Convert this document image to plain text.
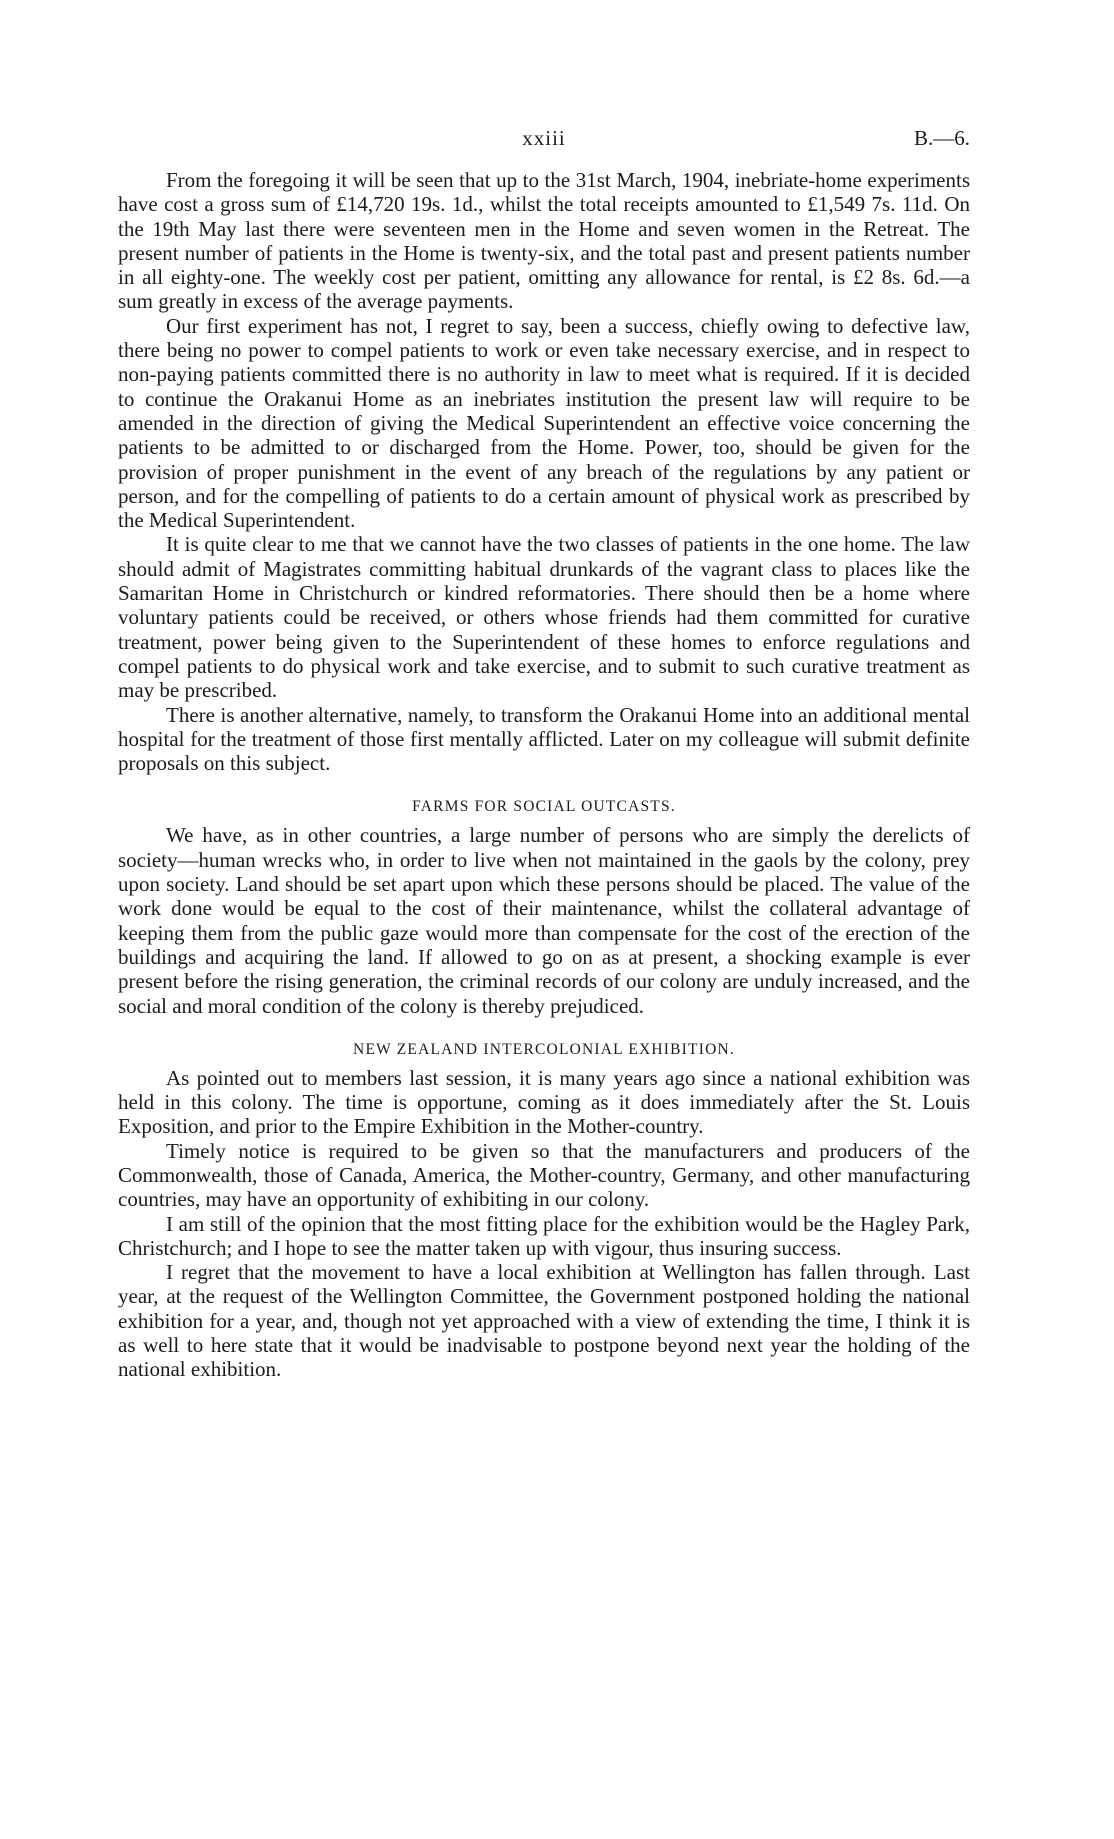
xxiii	B.—6.

From the foregoing it will be seen that up to the 31st March, 1904, inebriate-home experiments have cost a gross sum of £14,720 19s. 1d., whilst the total receipts amounted to £1,549 7s. 11d. On the 19th May last there were seventeen men in the Home and seven women in the Retreat. The present number of patients in the Home is twenty-six, and the total past and present patients number in all eighty-one. The weekly cost per patient, omitting any allowance for rental, is £2 8s. 6d.—a sum greatly in excess of the average payments.

Our first experiment has not, I regret to say, been a success, chiefly owing to defective law, there being no power to compel patients to work or even take necessary exercise, and in respect to non-paying patients committed there is no authority in law to meet what is required. If it is decided to continue the Orakanui Home as an inebriates institution the present law will require to be amended in the direction of giving the Medical Superintendent an effective voice concerning the patients to be admitted to or discharged from the Home. Power, too, should be given for the provision of proper punishment in the event of any breach of the regulations by any patient or person, and for the compelling of patients to do a certain amount of physical work as prescribed by the Medical Superintendent.

It is quite clear to me that we cannot have the two classes of patients in the one home. The law should admit of Magistrates committing habitual drunkards of the vagrant class to places like the Samaritan Home in Christchurch or kindred reformatories. There should then be a home where voluntary patients could be received, or others whose friends had them committed for curative treatment, power being given to the Superintendent of these homes to enforce regulations and compel patients to do physical work and take exercise, and to submit to such curative treatment as may be prescribed.

There is another alternative, namely, to transform the Orakanui Home into an additional mental hospital for the treatment of those first mentally afflicted. Later on my colleague will submit definite proposals on this subject.

FARMS FOR SOCIAL OUTCASTS.

We have, as in other countries, a large number of persons who are simply the derelicts of society—human wrecks who, in order to live when not maintained in the gaols by the colony, prey upon society. Land should be set apart upon which these persons should be placed. The value of the work done would be equal to the cost of their maintenance, whilst the collateral advantage of keeping them from the public gaze would more than compensate for the cost of the erection of the buildings and acquiring the land. If allowed to go on as at present, a shocking example is ever present before the rising generation, the criminal records of our colony are unduly increased, and the social and moral condition of the colony is thereby prejudiced.

NEW ZEALAND INTERCOLONIAL EXHIBITION.

As pointed out to members last session, it is many years ago since a national exhibition was held in this colony. The time is opportune, coming as it does immediately after the St. Louis Exposition, and prior to the Empire Exhibition in the Mother-country.

Timely notice is required to be given so that the manufacturers and producers of the Commonwealth, those of Canada, America, the Mother-country, Germany, and other manufacturing countries, may have an opportunity of exhibiting in our colony.

I am still of the opinion that the most fitting place for the exhibition would be the Hagley Park, Christchurch; and I hope to see the matter taken up with vigour, thus insuring success.

I regret that the movement to have a local exhibition at Wellington has fallen through. Last year, at the request of the Wellington Committee, the Government postponed holding the national exhibition for a year, and, though not yet approached with a view of extending the time, I think it is as well to here state that it would be inadvisable to postpone beyond next year the holding of the national exhibition.
